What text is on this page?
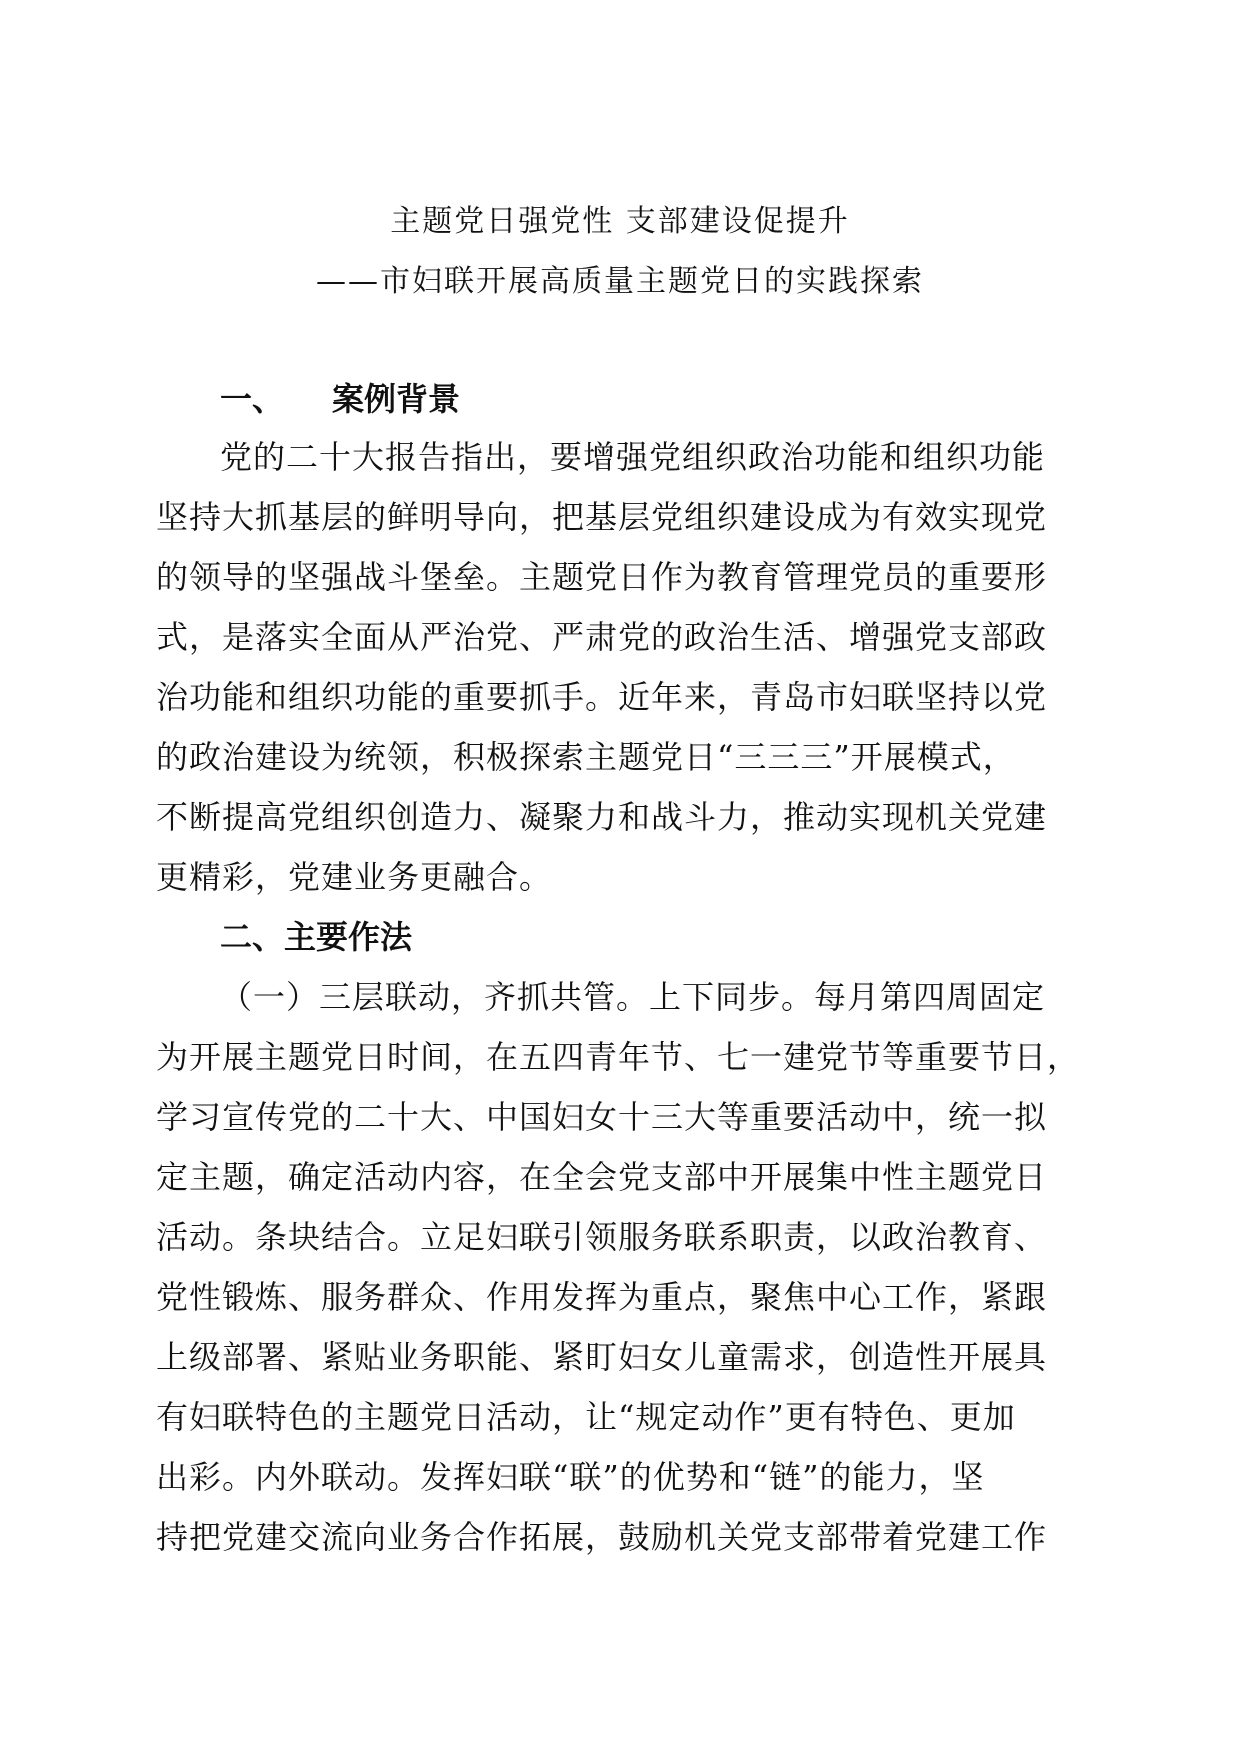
主题党日强党性 支部建设促提升
——市妇联开展高质量主题党日的实践探索
一、 案例背景
党的二十大报告指出，要增强党组织政治功能和组织功能
坚持大抓基层的鲜明导向，把基层党组织建设成为有效实现党
的领导的坚强战斗堡垒。主题党日作为教育管理党员的重要形
式，是落实全面从严治党、严肃党的政治生活、增强党支部政
治功能和组织功能的重要抓手。近年来，青岛市妇联坚持以党
的政治建设为统领，积极探索主题党日“三三三”开展模式，
不断提高党组织创造力、凝聚力和战斗力，推动实现机关党建
更精彩，党建业务更融合。
二、主要作法
（一）三层联动，齐抓共管。上下同步。每月第四周固定
为开展主题党日时间，在五四青年节、七一建党节等重要节日，
学习宣传党的二十大、中国妇女十三大等重要活动中，统一拟
定主题，确定活动内容，在全会党支部中开展集中性主题党日
活动。条块结合。立足妇联引领服务联系职责，以政治教育、
党性锻炼、服务群众、作用发挥为重点，聚焦中心工作，紧跟
上级部署、紧贴业务职能、紧盯妇女儿童需求，创造性开展具
有妇联特色的主题党日活动，让“规定动作”更有特色、更加
出彩。内外联动。发挥妇联“联”的优势和“链”的能力，坚
持把党建交流向业务合作拓展，鼓励机关党支部带着党建工作
